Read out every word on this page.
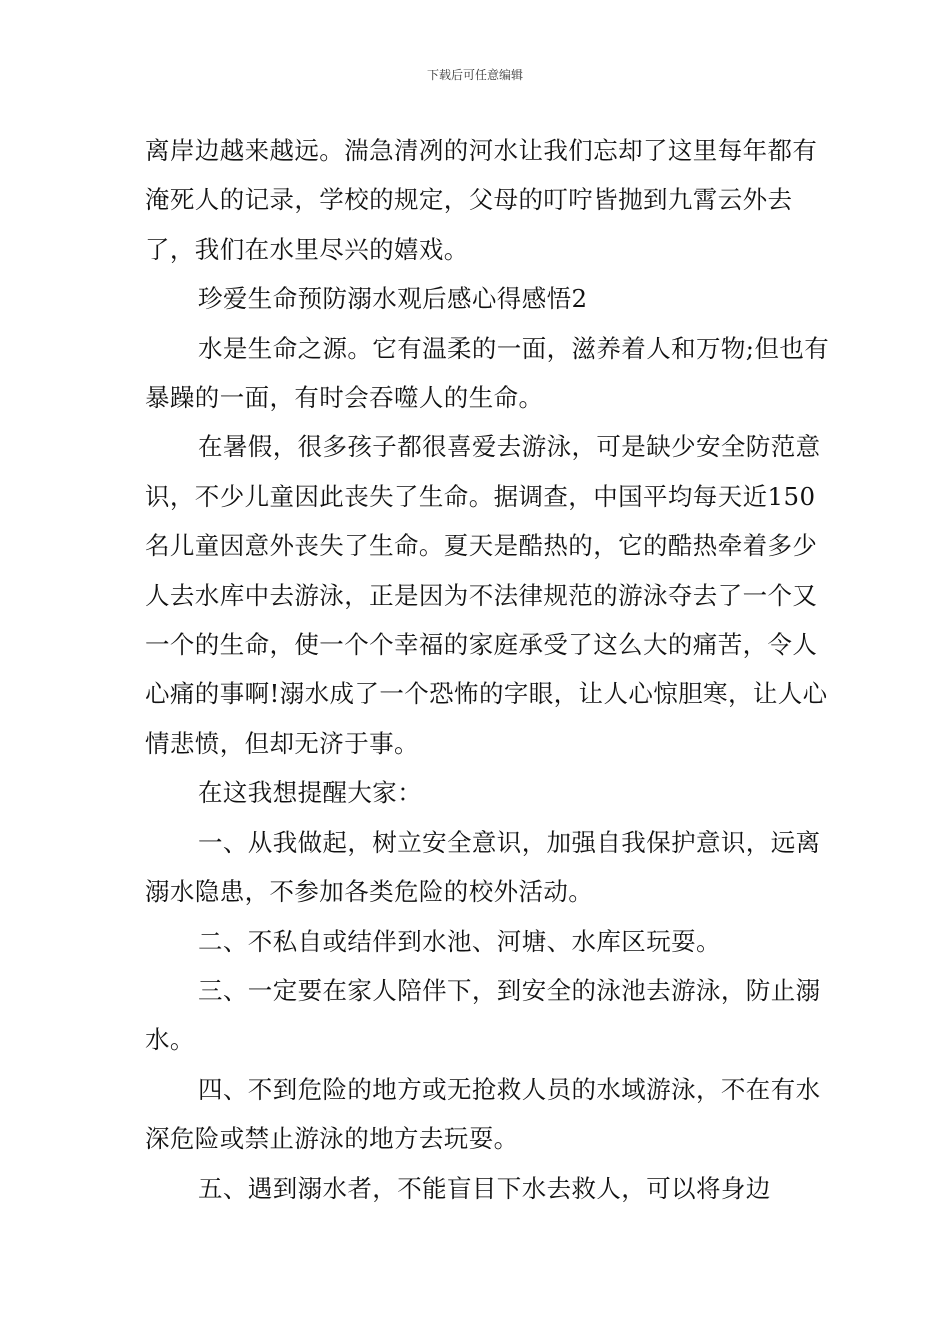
下载后可任意编辑

离岸边越来越远。湍急清冽的河水让我们忘却了这里每年都有淹死人的记录，学校的规定，父母的叮咛皆抛到九霄云外去了，我们在水里尽兴的嬉戏。

珍爱生命预防溺水观后感心得感悟2

水是生命之源。它有温柔的一面，滋养着人和万物;但也有暴躁的一面，有时会吞噬人的生命。

在暑假，很多孩子都很喜爱去游泳，可是缺少安全防范意识，不少儿童因此丧失了生命。据调查，中国平均每天近150名儿童因意外丧失了生命。夏天是酷热的，它的酷热牵着多少人去水库中去游泳，正是因为不法律规范的游泳夺去了一个又一个的生命，使一个个幸福的家庭承受了这么大的痛苦，令人心痛的事啊!溺水成了一个恐怖的字眼，让人心惊胆寒，让人心情悲愤，但却无济于事。

在这我想提醒大家：

一、从我做起，树立安全意识，加强自我保护意识，远离溺水隐患，不参加各类危险的校外活动。

二、不私自或结伴到水池、河塘、水库区玩耍。

三、一定要在家人陪伴下，到安全的泳池去游泳，防止溺水。

四、不到危险的地方或无抢救人员的水域游泳，不在有水深危险或禁止游泳的地方去玩耍。

五、遇到溺水者，不能盲目下水去救人，可以将身边
